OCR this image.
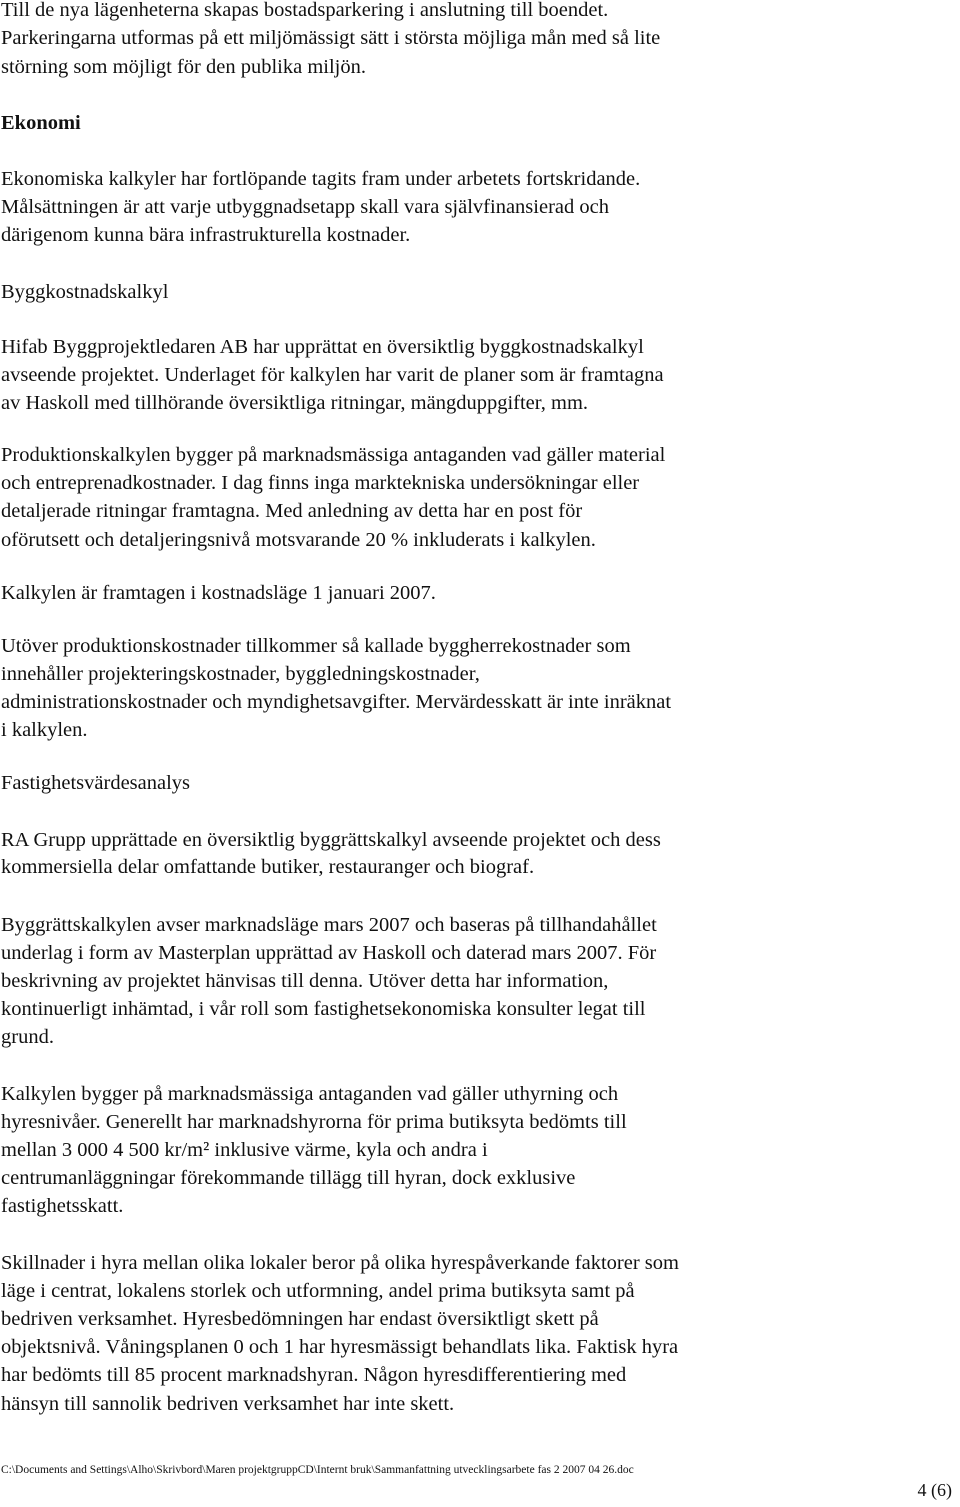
Till de nya lägenheterna skapas bostadsparkering i anslutning till boendet.

Parkeringarna utformas på ett miljömässigt sätt i största möjliga mån med så lite

störning som möjligt för den publika miljön.

Ekonomi

Ekonomiska kalkyler har fortlöpande tagits fram under arbetets fortskridande.

Målsättningen är att varje utbyggnadsetapp skall vara självfinansierad och

därigenom kunna bära infrastrukturella kostnader.

Byggkostnadskalkyl

Hifab Byggprojektledaren AB har upprättat en översiktlig byggkostnadskalkyl

avseende projektet. Underlaget för kalkylen har varit de planer som är framtagna

av Haskoll med tillhörande översiktliga ritningar, mängduppgifter, mm.

Produktionskalkylen bygger på marknadsmässiga antaganden vad gäller material

och entreprenadkostnader. I dag finns inga marktekniska undersökningar eller

detaljerade ritningar framtagna. Med anledning av detta har en post för

oförutsett och detaljeringsnivå motsvarande 20 % inkluderats i kalkylen.

Kalkylen är framtagen i kostnadsläge 1 januari 2007.

Utöver produktionskostnader tillkommer så kallade byggherrekostnader som

innehåller projekteringskostnader, byggledningskostnader,

administrationskostnader och myndighetsavgifter. Mervärdesskatt är inte inräknat

i kalkylen.

Fastighetsvärdesanalys

RA Grupp upprättade en översiktlig byggrättskalkyl avseende projektet och dess

kommersiella delar omfattande butiker, restauranger och biograf.

Byggrättskalkylen avser marknadsläge mars 2007 och baseras på tillhandahållet

underlag i form av Masterplan upprättad av Haskoll och daterad mars 2007. För

beskrivning av projektet hänvisas till denna. Utöver detta har information,

kontinuerligt inhämtad, i vår roll som fastighetsekonomiska konsulter legat till

grund.

Kalkylen bygger på marknadsmässiga antaganden vad gäller uthyrning och

hyresnivåer. Generellt har marknadshyrorna för prima butiksyta bedömts till

mellan 3 000 4 500 kr/m² inklusive värme, kyla och andra i

centrumanläggningar förekommande tillägg till hyran, dock exklusive

fastighetsskatt.

Skillnader i hyra mellan olika lokaler beror på olika hyrespåverkande faktorer som

läge i centrat, lokalens storlek och utformning, andel prima butiksyta samt på

bedriven verksamhet. Hyresbedömningen har endast översiktligt skett på

objektsnivå. Våningsplanen 0 och 1 har hyresmässigt behandlats lika. Faktisk hyra

har bedömts till 85 procent marknadshyran. Någon hyresdifferentiering med

hänsyn till sannolik bedriven verksamhet har inte skett.

C:\Documents and Settings\Alho\Skrivbord\Maren projektgruppCD\Internt bruk\Sammanfattning utvecklingsarbete fas 2 2007 04 26.doc

4 (6)
